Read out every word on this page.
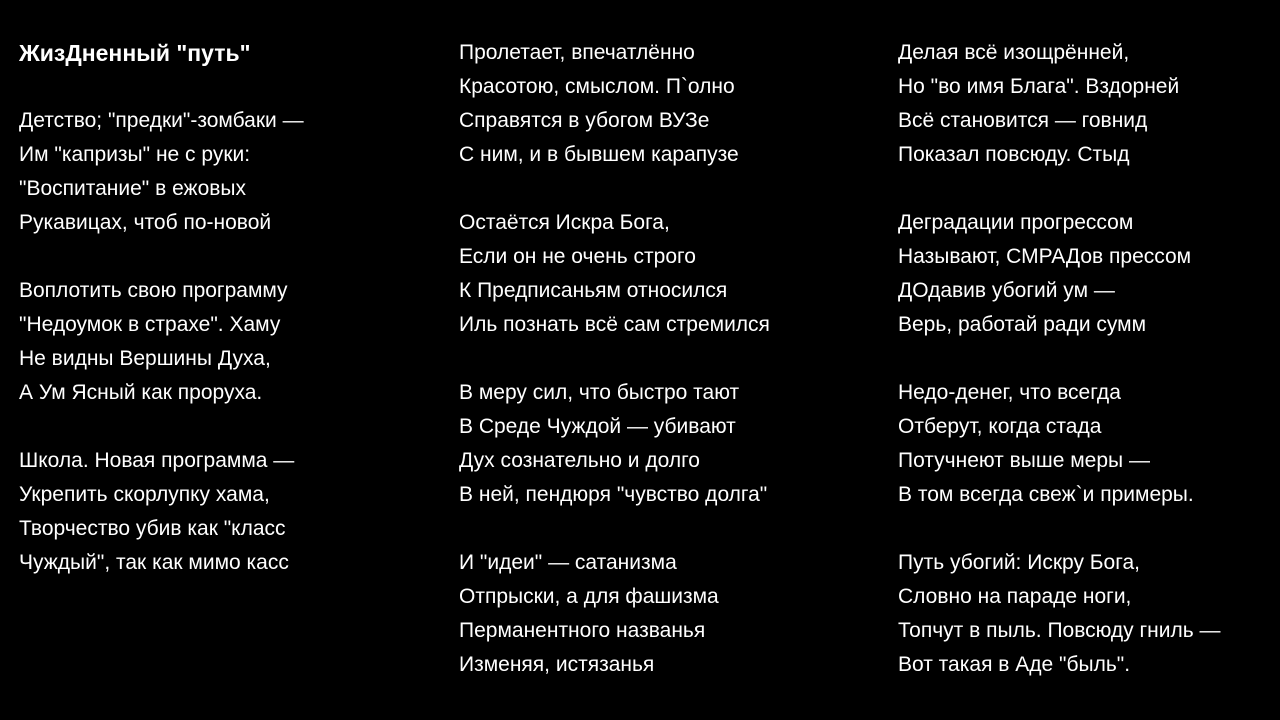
ЖизДненный "путь"
Детство; "предки"-зомбаки —
Им "капризы" не с руки:
"Воспитание" в ежовых
Рукавицах, чтоб по-новой
Воплотить свою программу
"Недоумок в страхе". Хаму
Не видны Вершины Духа,
А Ум Ясный как проруха.
Школа. Новая программа —
Укрепить скорлупку хама,
Творчество убив как "класс
Чуждый", так как мимо касс
Пролетает, впечатлённо
Красотою, смыслом. П`олно
Справятся в убогом ВУЗе
С ним, и в бывшем карапузе
Остаётся Искра Бога,
Если он не очень строго
К Предписаньям относился
Иль познать всё сам стремился
В меру сил, что быстро тают
В Среде Чуждой — убивают
Дух сознательно и долго
В ней, пендюря "чувство долга"
И "идеи" — сатанизма
Отпрыски, а для фашизма
Перманентного названья
Изменяя, истязанья
Делая всё изощрённей,
Но "во имя Блага". Вздорней
Всё становится — говнид
Показал повсюду. Стыд
Деградации прогрессом
Называют, СМРАДов прессом
ДОдавив убогий ум —
Верь, работай ради сумм
Недо-денег, что всегда
Отберут, когда стада
Потучнеют выше меры —
В том всегда свеж`и примеры.
Путь убогий: Искру Бога,
Словно на параде ноги,
Топчут в пыль. Повсюду гниль —
Вот такая в Аде "быль".
